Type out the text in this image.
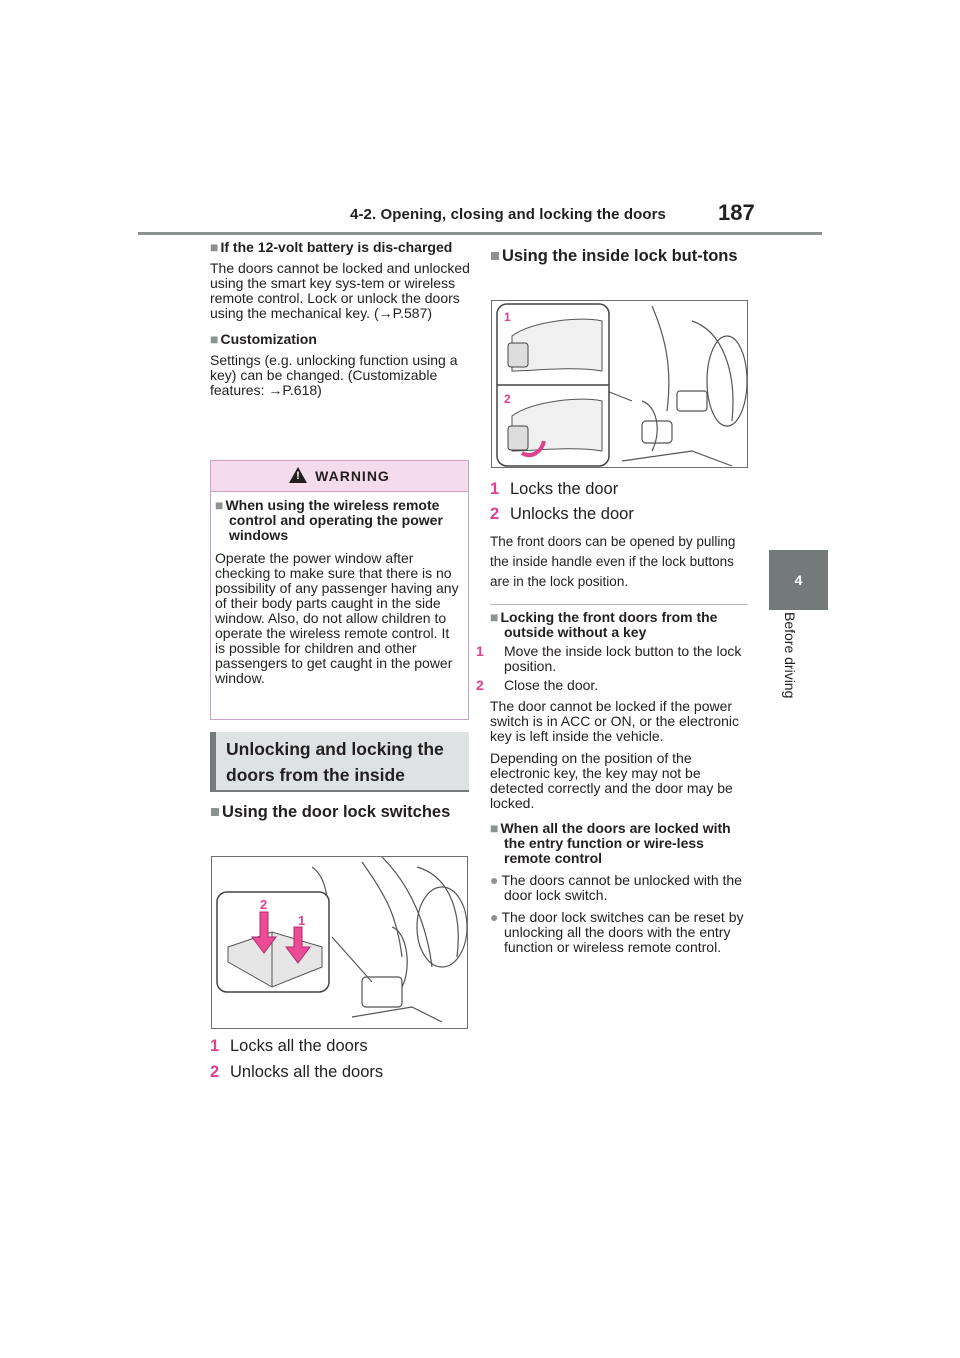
4-2. Opening, closing and locking the doors 187
4
Before driving
■ If the 12-volt battery is dis-charged
The doors cannot be locked and unlocked using the smart key sys-tem or wireless remote control. Lock or unlock the doors using the mechanical key. (→P.587)
■ Customization
Settings (e.g. unlocking function using a key) can be changed. (Customizable features: →P.618)
!WARNING
■ When using the wireless remote control and operating the power windows
Operate the power window after checking to make sure that there is no possibility of any passenger having any of their body parts caught in the side window. Also, do not allow children to operate the wireless remote control. It is possible for children and other passengers to get caught in the power window.
Unlocking and locking the doors from the inside
■ Using the door lock switches
2
1
1 Locks all the doors
2 Unlocks all the doors
■ Using the inside lock but-tons
1
2
1 Locks the door
2 Unlocks the door
The front doors can be opened by pulling the inside handle even if the lock buttons are in the lock position.
■ Locking the front doors from the outside without a key
1 Move the inside lock button to the lock position.
2 Close the door.
The door cannot be locked if the power switch is in ACC or ON, or the electronic key is left inside the vehicle.
Depending on the position of the electronic key, the key may not be detected correctly and the door may be locked.
■ When all the doors are locked with the entry function or wire-less remote control
● The doors cannot be unlocked with the door lock switch.
● The door lock switches can be reset by unlocking all the doors with the entry function or wireless remote control.
